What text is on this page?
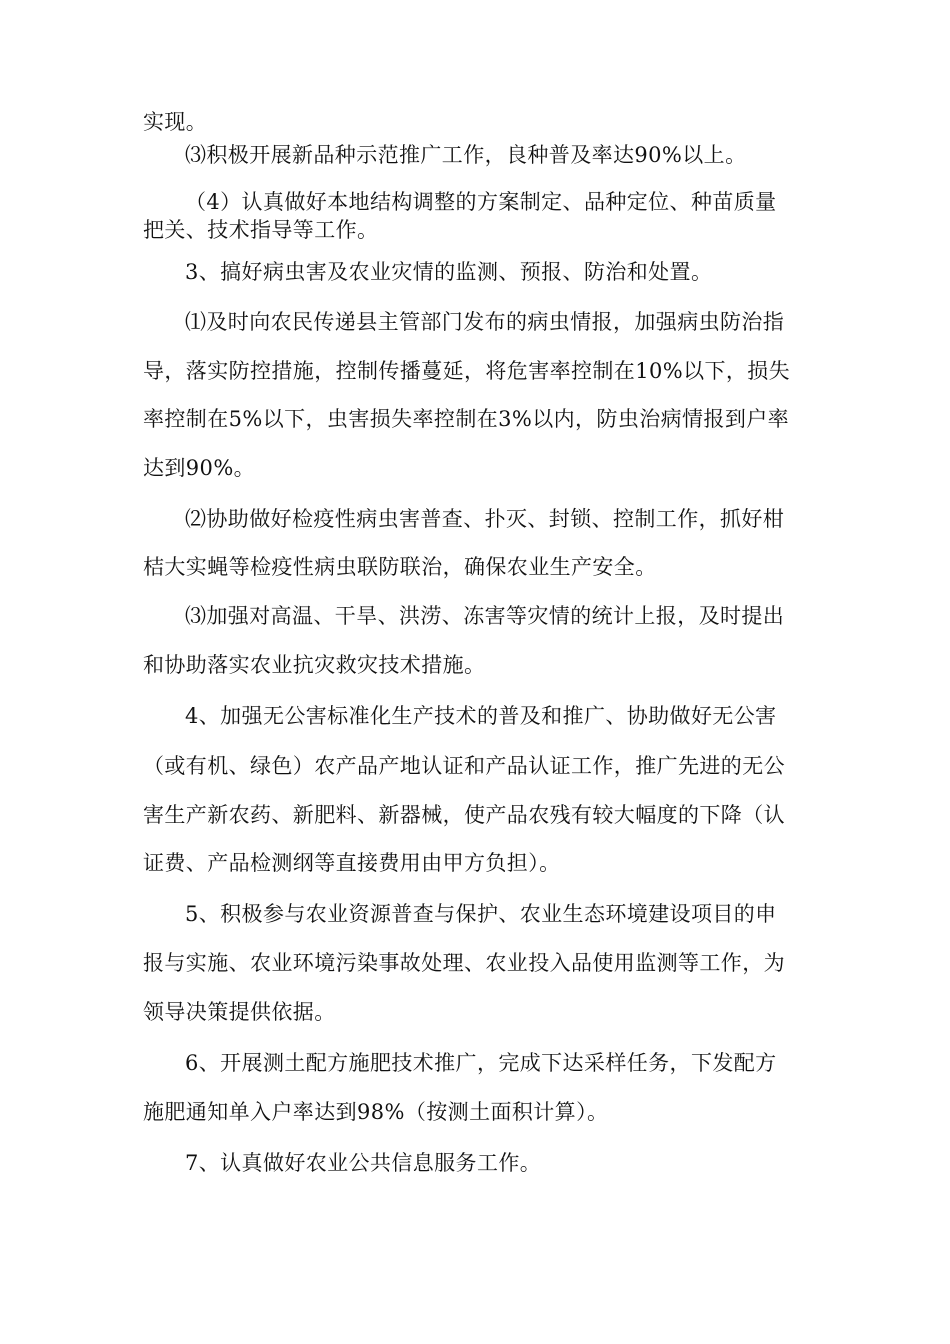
实现。
⑶积极开展新品种示范推广工作，良种普及率达90%以上。
（4）认真做好本地结构调整的方案制定、品种定位、种苗质量
把关、技术指导等工作。
3、搞好病虫害及农业灾情的监测、预报、防治和处置。
⑴及时向农民传递县主管部门发布的病虫情报，加强病虫防治指
导，落实防控措施，控制传播蔓延，将危害率控制在10%以下，损失
率控制在5%以下，虫害损失率控制在3%以内，防虫治病情报到户率
达到90%。
⑵协助做好检疫性病虫害普查、扑灭、封锁、控制工作，抓好柑
桔大实蝇等检疫性病虫联防联治，确保农业生产安全。
⑶加强对高温、干旱、洪涝、冻害等灾情的统计上报，及时提出
和协助落实农业抗灾救灾技术措施。
4、加强无公害标准化生产技术的普及和推广、协助做好无公害
（或有机、绿色）农产品产地认证和产品认证工作，推广先进的无公
害生产新农药、新肥料、新器械，使产品农残有较大幅度的下降（认
证费、产品检测纲等直接费用由甲方负担）。
5、积极参与农业资源普查与保护、农业生态环境建设项目的申
报与实施、农业环境污染事故处理、农业投入品使用监测等工作，为
领导决策提供依据。
6、开展测土配方施肥技术推广，完成下达采样任务，下发配方
施肥通知单入户率达到98%（按测土面积计算）。
7、认真做好农业公共信息服务工作。
